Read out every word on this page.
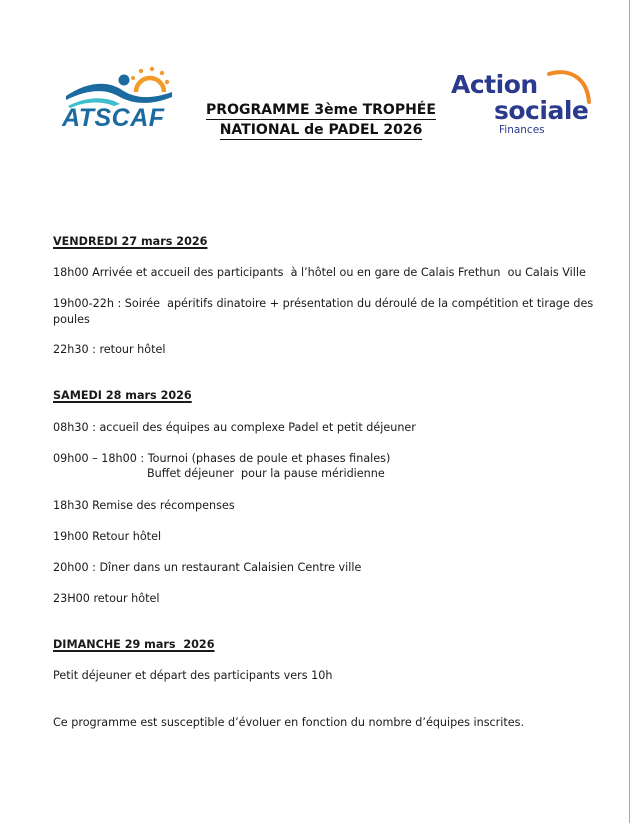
ATSCAF	PROGRAMME 3ème TROPHÉE
NATIONAL de PADEL 2026
Action
sociale
Finances
VENDREDI 27 mars 2026
18h00 Arrivée et accueil des participants  à l’hôtel ou en gare de Calais Frethun  ou Calais Ville
19h00-22h : Soirée  apéritifs dinatoire + présentation du déroulé de la compétition et tirage des
poules
22h30 : retour hôtel
SAMEDI 28 mars 2026
08h30 : accueil des équipes au complexe Padel et petit déjeuner
09h00 – 18h00 : Tournoi (phases de poule et phases finales)
Buffet déjeuner  pour la pause méridienne
18h30 Remise des récompenses
19h00 Retour hôtel
20h00 : Dîner dans un restaurant Calaisien Centre ville
23H00 retour hôtel
DIMANCHE 29 mars  2026
Petit déjeuner et départ des participants vers 10h
Ce programme est susceptible d’évoluer en fonction du nombre d’équipes inscrites.
